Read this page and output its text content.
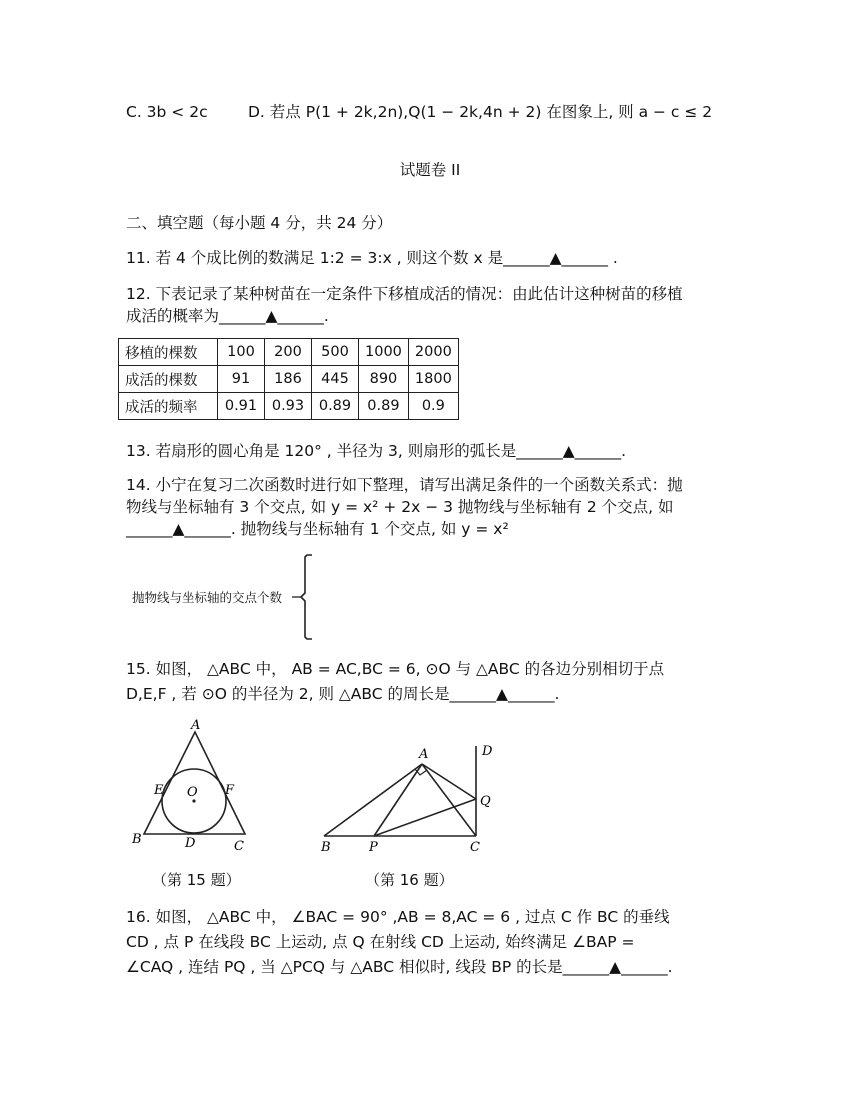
C. 3b < 2c	D. 若点 P(1 + 2k,2n),Q(1 − 2k,4n + 2) 在图象上, 则 a − c ≤ 2
试题卷 II
二、填空题（每小题 4 分，共 24 分）
11. 若 4 个成比例的数满足 1:2 = 3:x , 则这个数 x 是______▲______ .
12. 下表记录了某种树苗在一定条件下移植成活的情况：由此估计这种树苗的移植
成活的概率为______▲______.
移植的棵数	100	200	500	1000	2000
成活的棵数	91	186	445	890	1800
成活的频率	0.91	0.93	0.89	0.89	0.9
13. 若扇形的圆心角是 120° , 半径为 3, 则扇形的弧长是______▲______.
14. 小宁在复习二次函数时进行如下整理，请写出满足条件的一个函数关系式：抛
物线与坐标轴有 3 个交点, 如 y = x² + 2x − 3 抛物线与坐标轴有 2 个交点, 如
______▲______. 抛物线与坐标轴有 1 个交点, 如 y = x²
抛物线与坐标轴的交点个数
15. 如图， △ABC 中， AB = AC,BC = 6, ⊙O 与 △ABC 的各边分别相切于点
D,E,F , 若 ⊙O 的半径为 2, 则 △ABC 的周长是______▲______.
A
B	C
D
E	F
O
A
B	C
D
P
Q
（第 15 题）	（第 16 题）
16. 如图， △ABC 中， ∠BAC = 90° ,AB = 8,AC = 6 , 过点 C 作 BC 的垂线
CD , 点 P 在线段 BC 上运动, 点 Q 在射线 CD 上运动, 始终满足 ∠BAP =
∠CAQ , 连结 PQ , 当 △PCQ 与 △ABC 相似时, 线段 BP 的长是______▲______.
